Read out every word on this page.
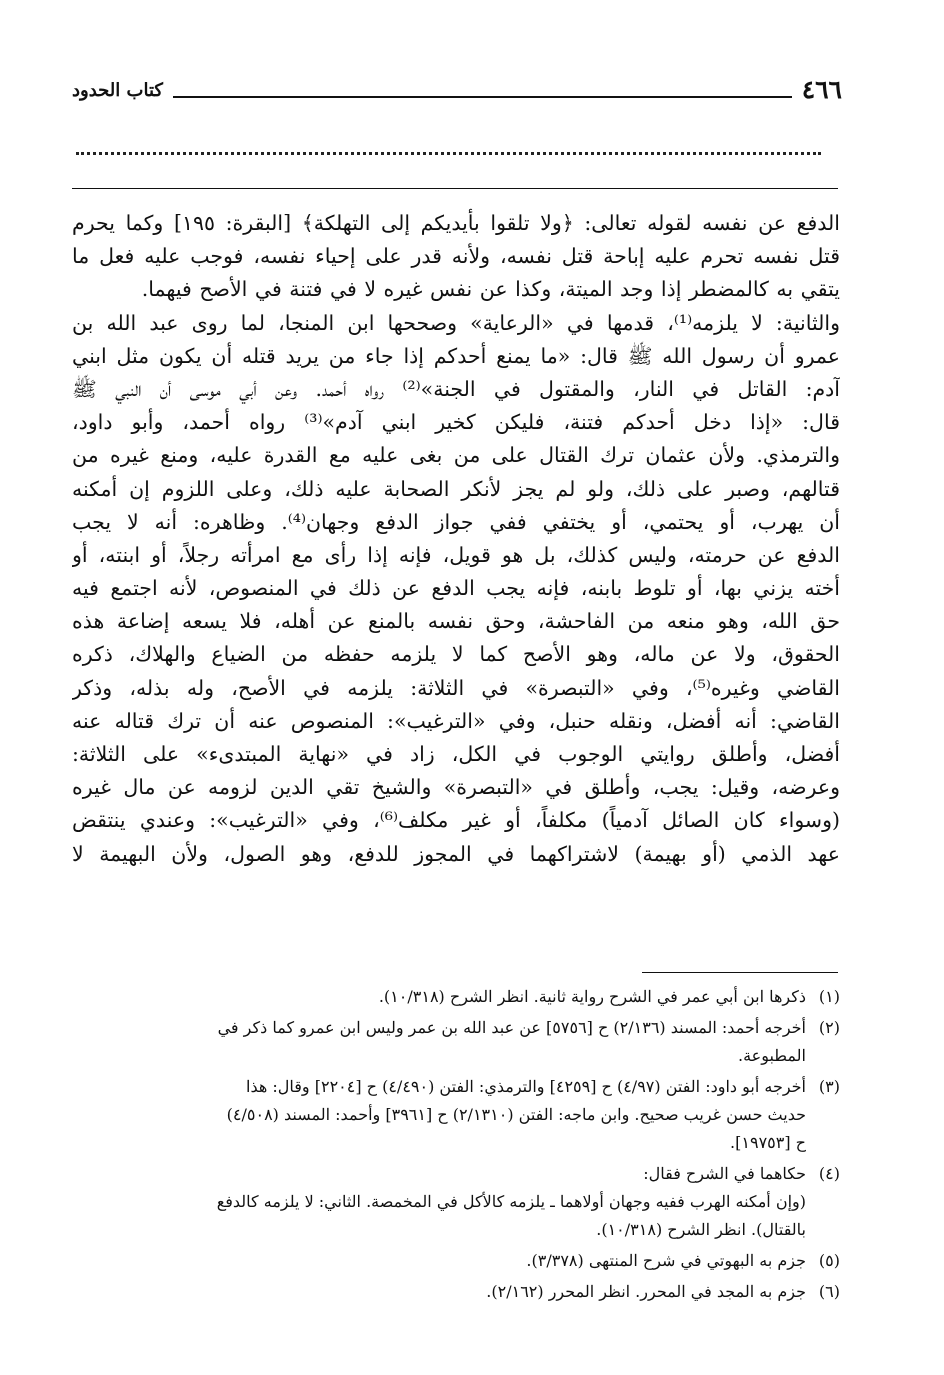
٤٦٦
كتاب الحدود
الدفع عن نفسه لقوله تعالى: ﴿ولا تلقوا بأيديكم إلى التهلكة﴾ [البقرة: ١٩٥] وكما يحرم
قتل نفسه تحرم عليه إباحة قتل نفسه، ولأنه قدر على إحياء نفسه، فوجب عليه فعل ما
يتقي به كالمضطر إذا وجد الميتة، وكذا عن نفس غيره لا في فتنة في الأصح فيهما.
والثانية: لا يلزمه⁽¹⁾، قدمها في «الرعاية» وصححها ابن المنجا، لما روى عبد الله بن
عمرو أن رسول الله ﷺ قال: «ما يمنع أحدكم إذا جاء من يريد قتله أن يكون مثل ابني
آدم: القاتل في النار، والمقتول في الجنة»⁽²⁾ رواه أحمد. وعن أبي موسى أن النبي ﷺ
قال: «إذا دخل أحدكم فتنة، فليكن كخير ابني آدم»⁽³⁾ رواه أحمد، وأبو داود،
والترمذي. ولأن عثمان ترك القتال على من بغى عليه مع القدرة عليه، ومنع غيره من
قتالهم، وصبر على ذلك، ولو لم يجز لأنكر الصحابة عليه ذلك، وعلى اللزوم إن أمكنه
أن يهرب، أو يحتمي، أو يختفي ففي جواز الدفع وجهان⁽⁴⁾. وظاهره: أنه لا يجب
الدفع عن حرمته، وليس كذلك، بل هو قويل، فإنه إذا رأى مع امرأته رجلاً، أو ابنته، أو
أخته يزني بها، أو تلوط بابنه، فإنه يجب الدفع عن ذلك في المنصوص، لأنه اجتمع فيه
حق الله، وهو منعه من الفاحشة، وحق نفسه بالمنع عن أهله، فلا يسعه إضاعة هذه
الحقوق، ولا عن ماله، وهو الأصح كما لا يلزمه حفظه من الضياع والهلاك، ذكره
القاضي وغيره⁽⁵⁾، وفي «التبصرة» في الثلاثة: يلزمه في الأصح، وله بذله، وذكر
القاضي: أنه أفضل، ونقله حنبل، وفي «الترغيب»: المنصوص عنه أن ترك قتاله عنه
أفضل، وأطلق روايتي الوجوب في الكل، زاد في «نهاية المبتدىء» على الثلاثة:
وعرضه، وقيل: يجب، وأطلق في «التبصرة» والشيخ تقي الدين لزومه عن مال غيره
(وسواء كان الصائل آدمياً) مكلفاً، أو غير مكلف⁽⁶⁾، وفي «الترغيب»: وعندي ينتقض
عهد الذمي (أو بهيمة) لاشتراكهما في المجوز للدفع، وهو الصول، ولأن البهيمة لا
(١)
ذكرها ابن أبي عمر في الشرح رواية ثانية. انظر الشرح (١٠/٣١٨).
(٢)
أخرجه أحمد: المسند (٢/١٣٦) ح [٥٧٥٦] عن عبد الله بن عمر وليس ابن عمرو كما ذكر في
المطبوعة.
(٣)
أخرجه أبو داود: الفتن (٤/٩٧) ح [٤٢٥٩] والترمذي: الفتن (٤/٤٩٠) ح [٢٢٠٤] وقال: هذا
حديث حسن غريب صحيح. وابن ماجه: الفتن (٢/١٣١٠) ح [٣٩٦١] وأحمد: المسند (٤/٥٠٨)
ح [١٩٧٥٣].
(٤)
حكاهما في الشرح فقال:
(وإن أمكنه الهرب ففيه وجهان أولاهما ـ يلزمه كالأكل في المخمصة. الثاني: لا يلزمه كالدفع
بالقتال). انظر الشرح (١٠/٣١٨).
(٥)
جزم به البهوتي في شرح المنتهى (٣/٣٧٨).
(٦)
جزم به المجد في المحرر. انظر المحرر (٢/١٦٢).
